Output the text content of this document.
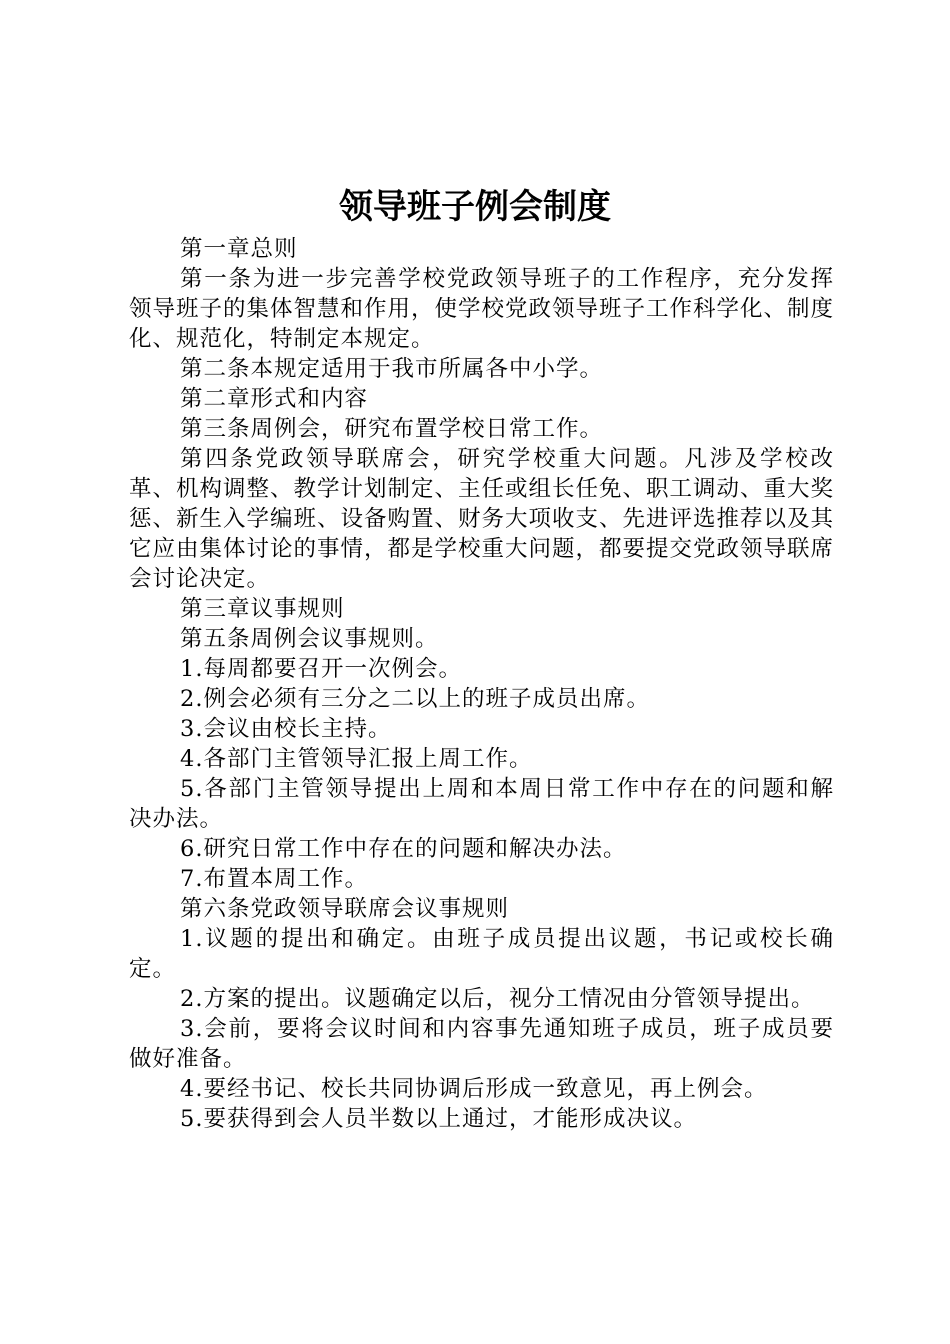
领导班子例会制度

第一章总则

第一条为进一步完善学校党政领导班子的工作程序，充分发挥领导班子的集体智慧和作用，使学校党政领导班子工作科学化、制度化、规范化，特制定本规定。

第二条本规定适用于我市所属各中小学。

第二章形式和内容

第三条周例会，研究布置学校日常工作。

第四条党政领导联席会，研究学校重大问题。凡涉及学校改革、机构调整、教学计划制定、主任或组长任免、职工调动、重大奖惩、新生入学编班、设备购置、财务大项收支、先进评选推荐以及其它应由集体讨论的事情，都是学校重大问题，都要提交党政领导联席会讨论决定。

第三章议事规则

第五条周例会议事规则。

1.每周都要召开一次例会。

2.例会必须有三分之二以上的班子成员出席。

3.会议由校长主持。

4.各部门主管领导汇报上周工作。

5.各部门主管领导提出上周和本周日常工作中存在的问题和解决办法。

6.研究日常工作中存在的问题和解决办法。

7.布置本周工作。

第六条党政领导联席会议事规则

1.议题的提出和确定。由班子成员提出议题，书记或校长确定。

2.方案的提出。议题确定以后，视分工情况由分管领导提出。

3.会前，要将会议时间和内容事先通知班子成员，班子成员要做好准备。

4.要经书记、校长共同协调后形成一致意见，再上例会。

5.要获得到会人员半数以上通过，才能形成决议。
